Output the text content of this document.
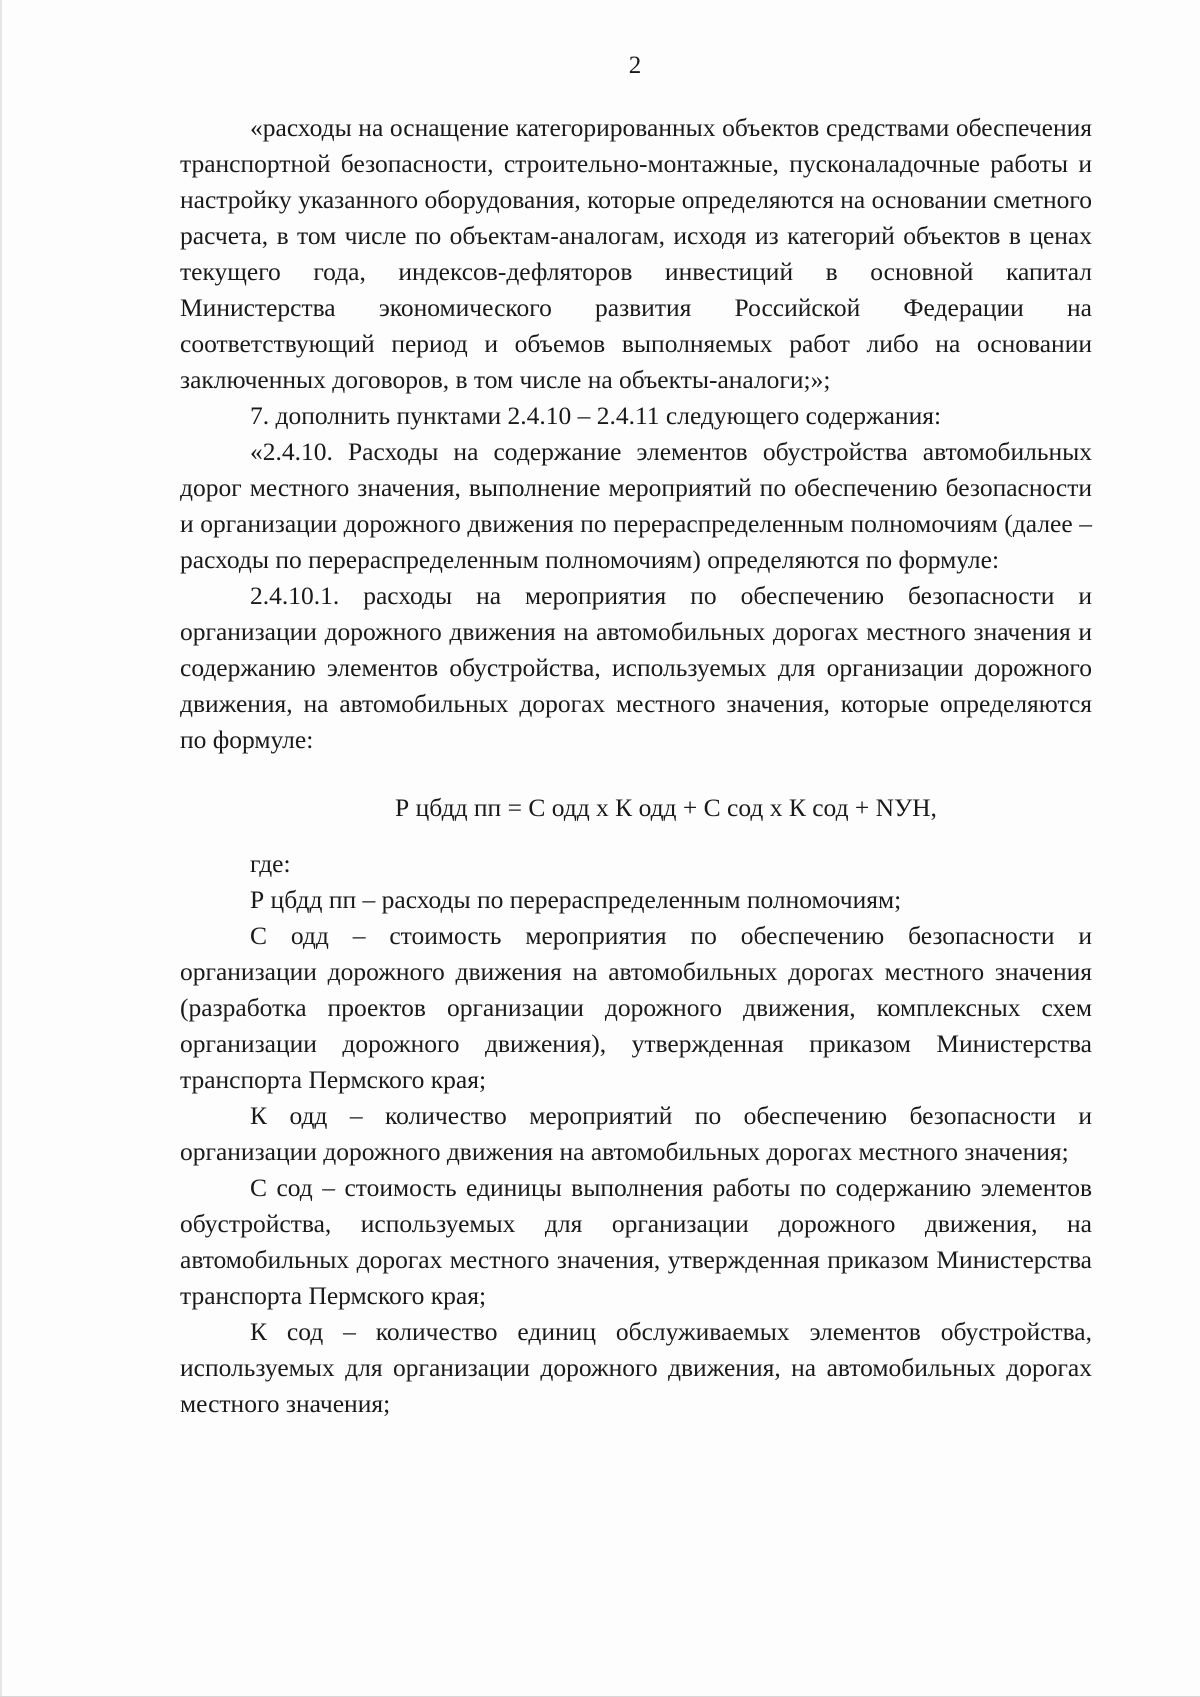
2

«расходы на оснащение категорированных объектов средствами обеспечения транспортной безопасности, строительно-монтажные, пусконаладочные работы и настройку указанного оборудования, которые определяются на основании сметного расчета, в том числе по объектам-аналогам, исходя из категорий объектов в ценах текущего года, индексов-дефляторов инвестиций в основной капитал Министерства экономического развития Российской Федерации на соответствующий период и объемов выполняемых работ либо на основании заключенных договоров, в том числе на объекты-аналоги;»;

7. дополнить пунктами 2.4.10 – 2.4.11 следующего содержания:

«2.4.10. Расходы на содержание элементов обустройства автомобильных дорог местного значения, выполнение мероприятий по обеспечению безопасности и организации дорожного движения по перераспределенным полномочиям (далее – расходы по перераспределенным полномочиям) определяются по формуле:

2.4.10.1. расходы на мероприятия по обеспечению безопасности и организации дорожного движения на автомобильных дорогах местного значения и содержанию элементов обустройства, используемых для организации дорожного движения, на автомобильных дорогах местного значения, которые определяются по формуле:

Р цбдд пп = С одд х К одд + С сод х К сод + NУН,

где:

Р цбдд пп – расходы по перераспределенным полномочиям;

С одд – стоимость мероприятия по обеспечению безопасности и организации дорожного движения на автомобильных дорогах местного значения (разработка проектов организации дорожного движения, комплексных схем организации дорожного движения), утвержденная приказом Министерства транспорта Пермского края;

К одд – количество мероприятий по обеспечению безопасности и организации дорожного движения на автомобильных дорогах местного значения;

С сод – стоимость единицы выполнения работы по содержанию элементов обустройства, используемых для организации дорожного движения, на автомобильных дорогах местного значения, утвержденная приказом Министерства транспорта Пермского края;

К сод – количество единиц обслуживаемых элементов обустройства, используемых для организации дорожного движения, на автомобильных дорогах местного значения;
